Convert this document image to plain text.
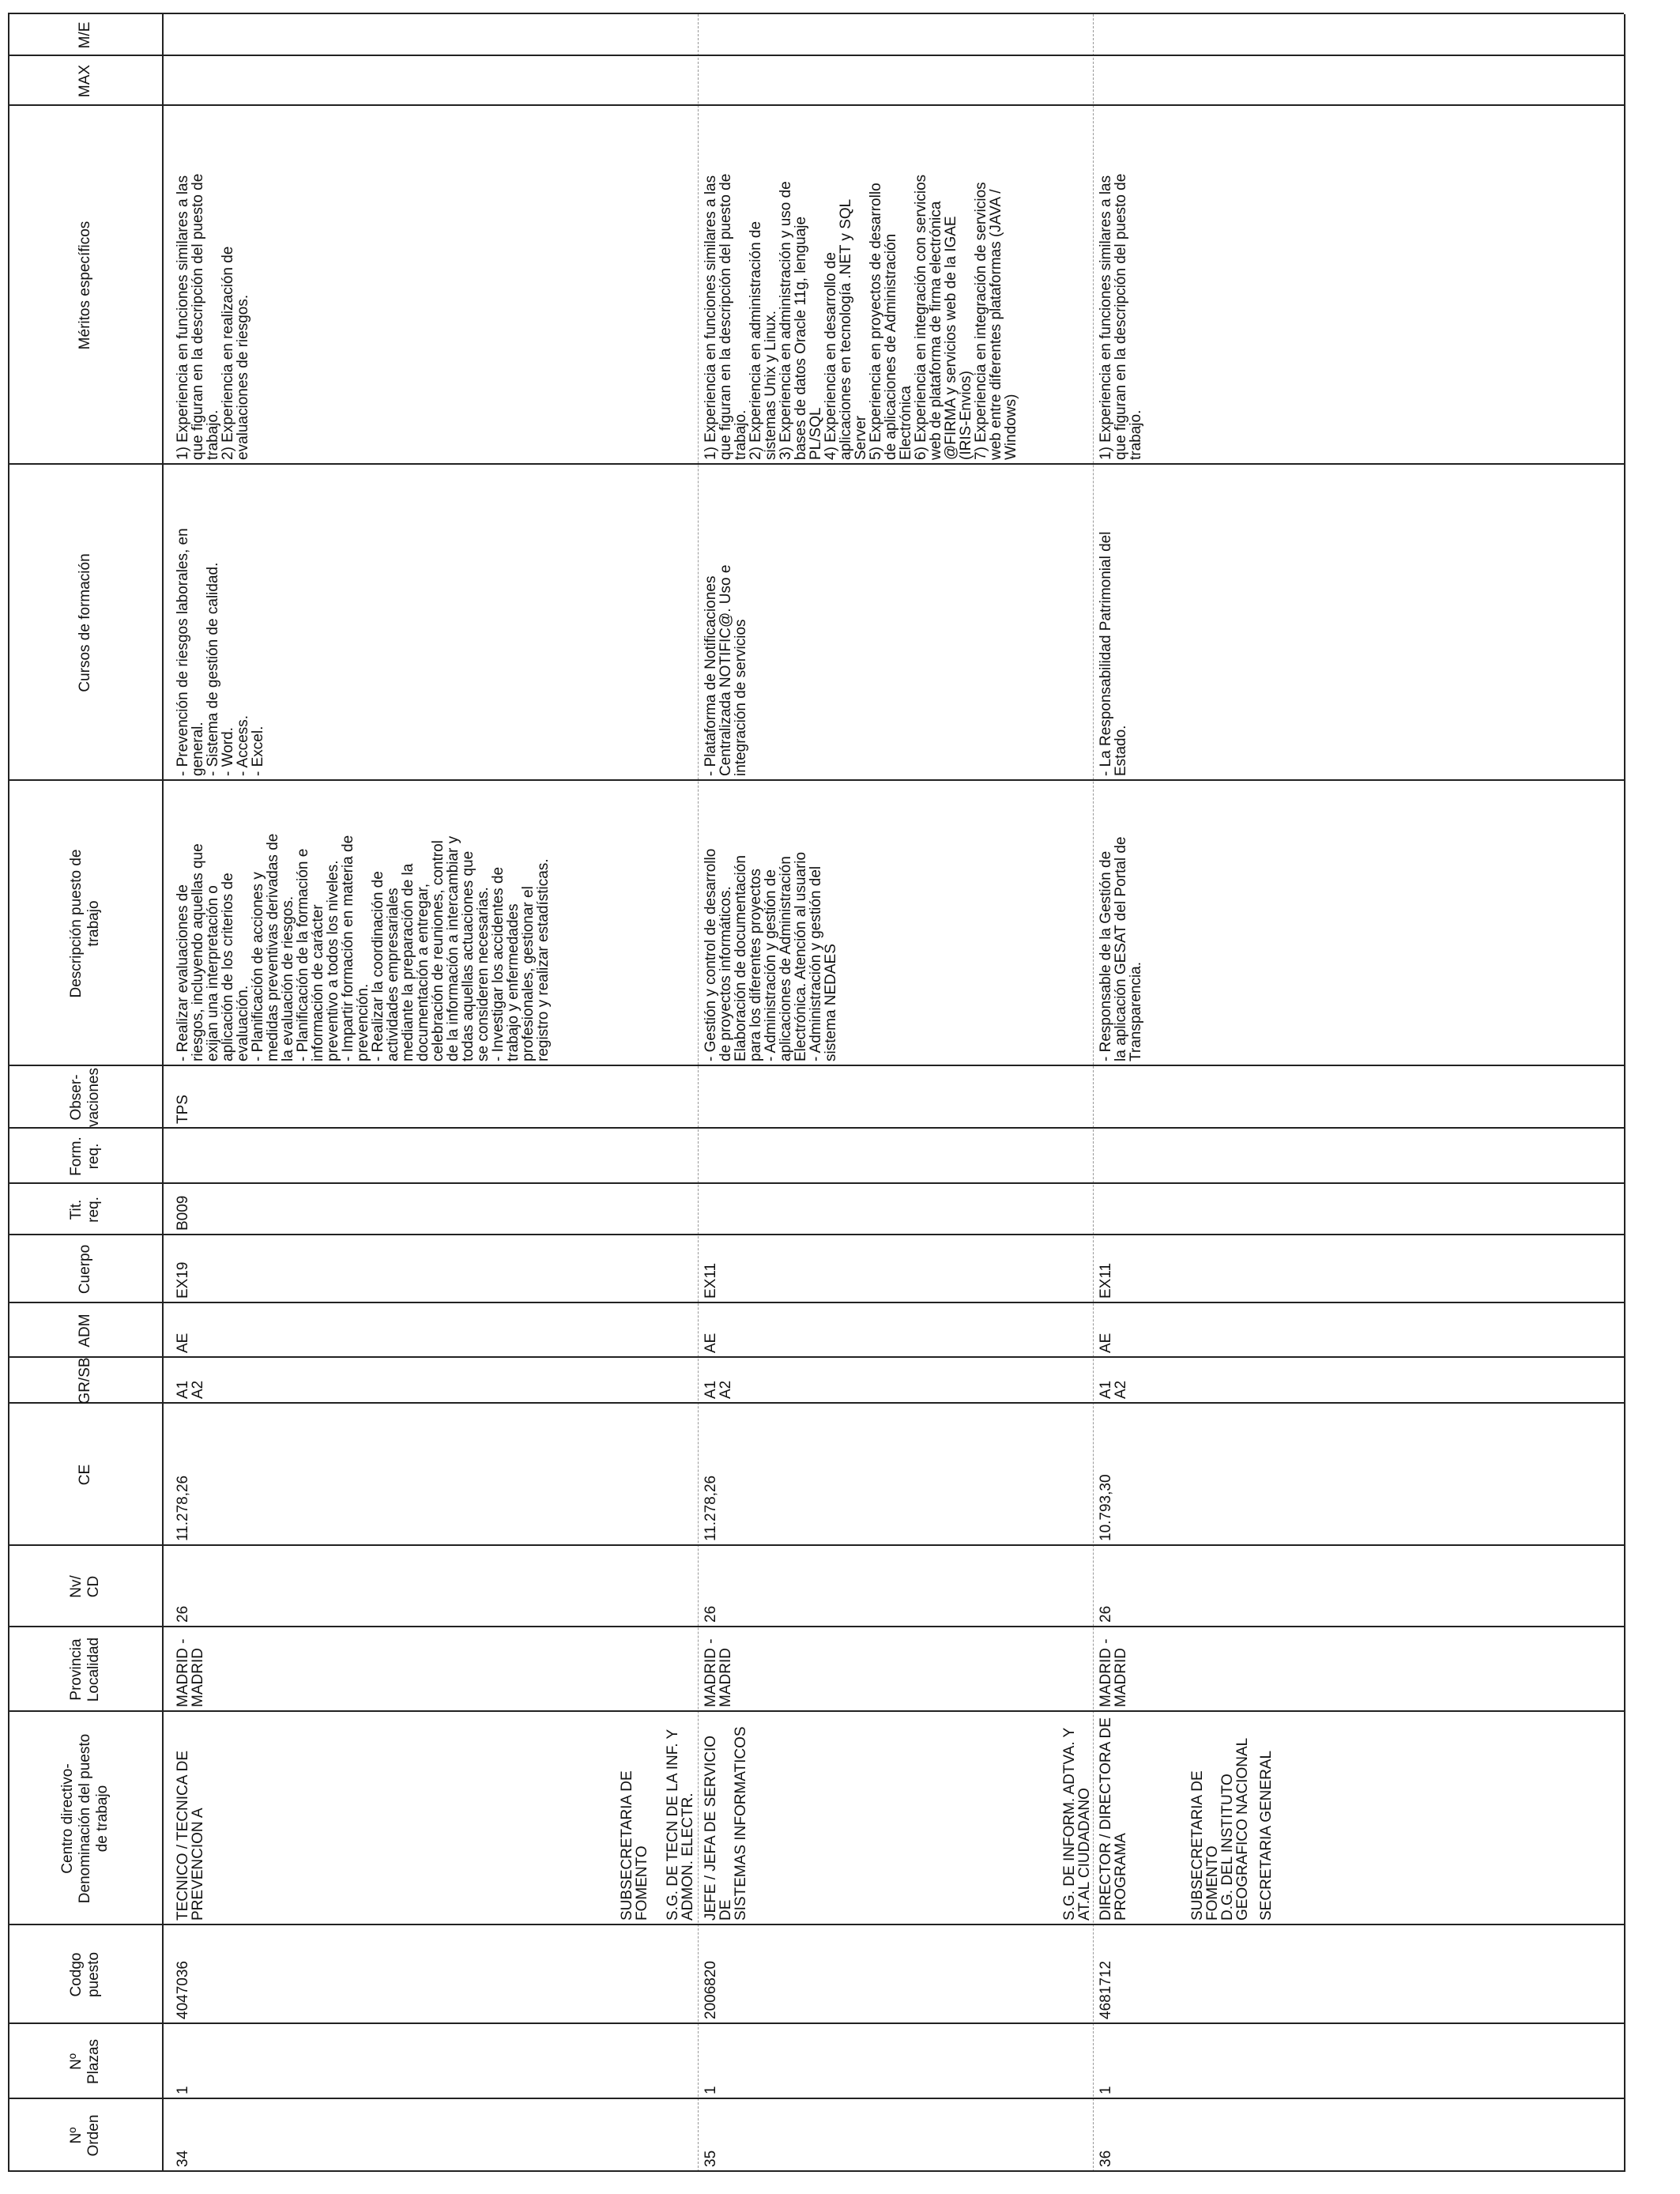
Nº
Orden
Nº
Plazas
Codgo
puesto
Centro directivo-
Denominación del puesto
de trabajo
Provincia
Localidad
Nv/
CD
CE
GR/SB
ADM
Cuerpo
Tit.
req.
Form.
req.
Obser-
vaciones
Descripción puesto de
trabajo
Cursos de formación
Méritos específicos
MAX
M/E
34
1
4047036
TECNICO / TECNICA DE
PREVENCION A
MADRID -
MADRID
26
11.278,26
A1
A2
AE
EX19
B009
TPS
- Realizar evaluaciones de
riesgos, incluyendo aquellas que
exijan una interpretación o
aplicación de los criterios de
evaluación.
- Planificación de acciones y
medidas preventivas derivadas de
la evaluación de riesgos.
- Planificación de la formación e
información de carácter
preventivo a todos los niveles.
- Impartir formación en materia de
prevención.
- Realizar la coordinación de
actividades empresariales
mediante la preparación de la
documentación a entregar,
celebración de reuniones, control
de la información a intercambiar y
todas aquellas actuaciones que
se consideren necesarias.
- Investigar los accidentes de
trabajo y enfermedades
profesionales, gestionar el
registro y realizar estadísticas.
- Prevención de riesgos laborales, en
general.
- Sistema de gestión de calidad.
- Word.
- Access.
- Excel.
1) Experiencia en funciones similares a las
que figuran en la descripción del puesto de
trabajo.
2) Experiencia en realización de
evaluaciones de riesgos.
SUBSECRETARIA DE
FOMENTO S.G. DE TECN DE LA INF. Y
ADMON. ELECTR.
35
1
2006820
JEFE / JEFA DE SERVICIO DE
SISTEMAS INFORMATICOS
MADRID -
MADRID
26
11.278,26
A1
A2
AE
EX11
- Gestión y control de desarrollo
de proyectos informáticos.
Elaboración de documentación
para los diferentes proyectos
- Administración y gestión de
aplicaciones de Administración
Electrónica. Atención al usuario
- Administración y gestión del
sistema NEDAES
- Plataforma de Notificaciones
Centralizada NOTIFIC@. Uso e
integración de servicios
1) Experiencia en funciones similares a las
que figuran en la descripción del puesto de
trabajo.
2) Experiencia en administración de
sistemas Unix y Linux.
3) Experiencia en administración y uso de
bases de datos Oracle 11g, lenguaje
PL/SQL
4) Experiencia en desarrollo de
aplicaciones en tecnología .NET y SQL
Server
5) Experiencia en proyectos de desarrollo
de aplicaciones de Administración
Electrónica
6) Experiencia en integración con servicios
web de plataforma de firma electrónica
@FIRMA y servicios web de la IGAE
(IRIS-Envios)
7) Experiencia en integración de servicios
web entre diferentes plataformas (JAVA /
Windows)
S.G. DE INFORM. ADTVA. Y
AT.AL CIUDADANO
36
1
4681712
DIRECTOR / DIRECTORA DE
PROGRAMA
MADRID -
MADRID
26
10.793,30
A1
A2
AE
EX11
- Responsable de la Gestión de
la aplicación GESAT del Portal de
Transparencia.
- La Responsabilidad Patrimonial del
Estado.
1) Experiencia en funciones similares a las
que figuran en la descripción del puesto de
trabajo.
SUBSECRETARIA DE
FOMENTO
D.G. DEL INSTITUTO
GEOGRAFICO NACIONAL SECRETARIA GENERAL
